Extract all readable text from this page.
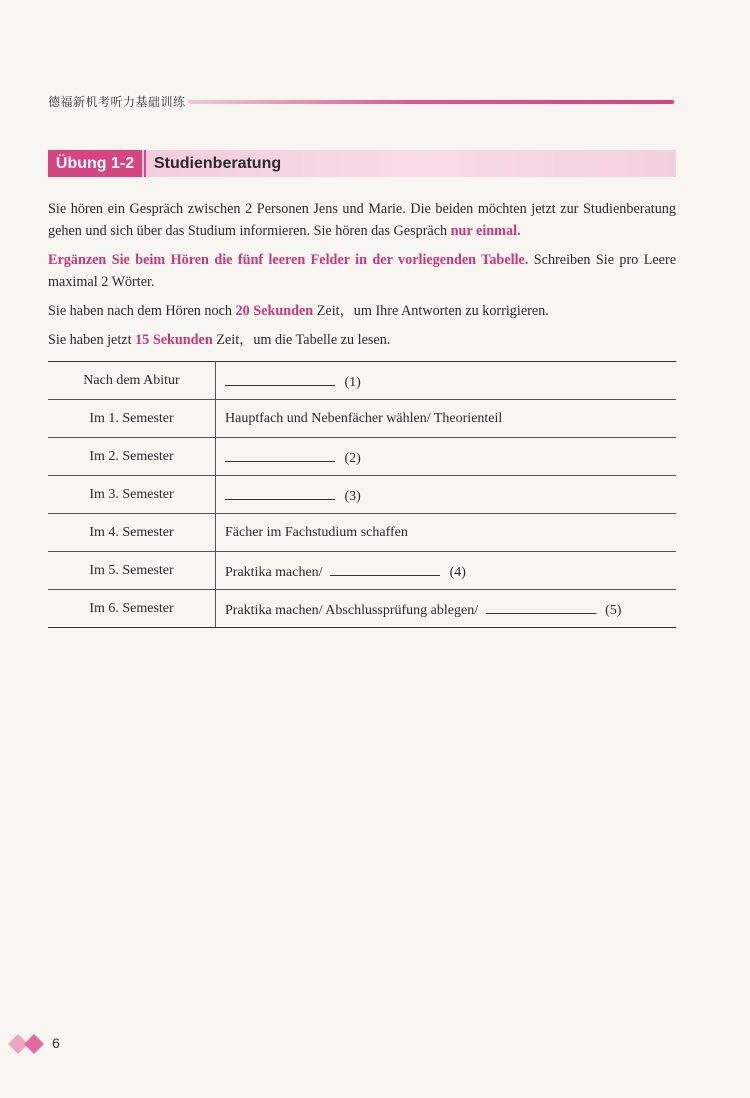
德福新机考听力基础训练
Übung 1-2	Studienberatung

Sie hören ein Gespräch zwischen 2 Personen Jens und Marie. Die beiden möchten jetzt zur Studienberatung gehen und sich über das Studium informieren. Sie hören das Gespräch nur einmal.

Ergänzen Sie beim Hören die fünf leeren Felder in der vorliegenden Tabelle. Schreiben Sie pro Leere maximal 2 Wörter.

Sie haben nach dem Hören noch 20 Sekunden Zeit，um Ihre Antworten zu korrigieren.

Sie haben jetzt 15 Sekunden Zeit，um die Tabelle zu lesen.

Nach dem Abitur	(1)
Im 1. Semester	Hauptfach und Nebenfächer wählen/ Theorienteil
Im 2. Semester	(2)
Im 3. Semester	(3)
Im 4. Semester	Fächer im Fachstudium schaffen
Im 5. Semester	Praktika machen/ (4)
Im 6. Semester	Praktika machen/ Abschlussprüfung ablegen/ (5)
6
